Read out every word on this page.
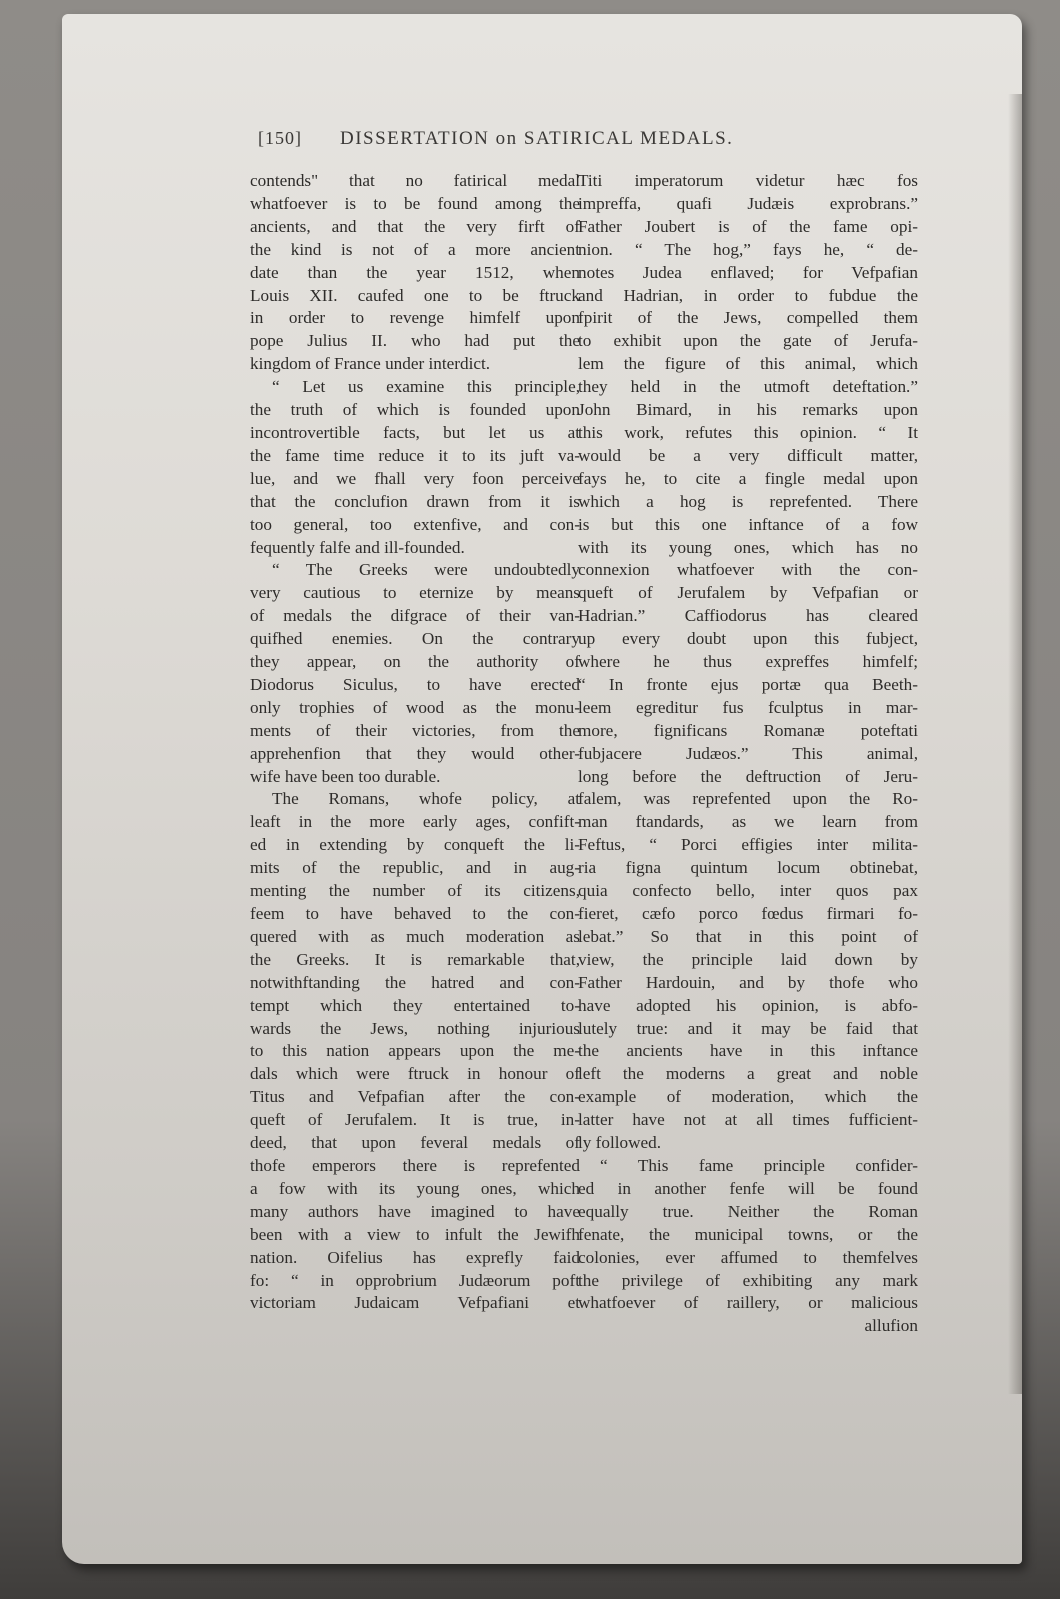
[150] DISSERTATION on SATIRICAL MEDALS.
contends" that no fatirical medal
whatfoever is to be found among the
ancients, and that the very firft of
the kind is not of a more ancient
date than the year 1512, when
Louis XII. caufed one to be ftruck
in order to revenge himfelf upon
pope Julius II. who had put the
kingdom of France under interdict.
“ Let us examine this principle,
the truth of which is founded upon
incontrovertible facts, but let us at
the fame time reduce it to its juft va-
lue, and we fhall very foon perceive
that the conclufion drawn from it is
too general, too extenfive, and con-
fequently falfe and ill-founded.
“ The Greeks were undoubtedly
very cautious to eternize by means
of medals the difgrace of their van-
quifhed enemies. On the contrary
they appear, on the authority of
Diodorus Siculus, to have erected
only trophies of wood as the monu-
ments of their victories, from the
apprehenfion that they would other-
wife have been too durable.
The Romans, whofe policy, at
leaft in the more early ages, confift-
ed in extending by conqueft the li-
mits of the republic, and in aug-
menting the number of its citizens,
feem to have behaved to the con-
quered with as much moderation as
the Greeks. It is remarkable that,
notwithftanding the hatred and con-
tempt which they entertained to-
wards the Jews, nothing injurious
to this nation appears upon the me-
dals which were ftruck in honour of
Titus and Vefpafian after the con-
queft of Jerufalem. It is true, in-
deed, that upon feveral medals of
thofe emperors there is reprefented
a fow with its young ones, which
many authors have imagined to have
been with a view to infult the Jewifh
nation. Oifelius has exprefly faid
fo: “ in opprobrium Judæorum poft
victoriam Judaicam Vefpafiani et
Titi imperatorum videtur hæc fos
impreffa, quafi Judæis exprobrans.”
Father Joubert is of the fame opi-
nion. “ The hog,” fays he, “ de-
notes Judea enflaved; for Vefpafian
and Hadrian, in order to fubdue the
fpirit of the Jews, compelled them
to exhibit upon the gate of Jerufa-
lem the figure of this animal, which
they held in the utmoft deteftation.”
John Bimard, in his remarks upon
this work, refutes this opinion. “ It
would be a very difficult matter,
fays he, to cite a fingle medal upon
which a hog is reprefented. There
is but this one inftance of a fow
with its young ones, which has no
connexion whatfoever with the con-
queft of Jerufalem by Vefpafian or
Hadrian.” Caffiodorus has cleared
up every doubt upon this fubject,
where he thus expreffes himfelf;
“ In fronte ejus portæ qua Beeth-
leem egreditur fus fculptus in mar-
more, fignificans Romanæ poteftati
fubjacere Judæos.” This animal,
long before the deftruction of Jeru-
falem, was reprefented upon the Ro-
man ftandards, as we learn from
Feftus, “ Porci effigies inter milita-
ria figna quintum locum obtinebat,
quia confecto bello, inter quos pax
fieret, cæfo porco fœdus firmari fo-
lebat.” So that in this point of
view, the principle laid down by
Father Hardouin, and by thofe who
have adopted his opinion, is abfo-
lutely true: and it may be faid that
the ancients have in this inftance
left the moderns a great and noble
example of moderation, which the
latter have not at all times fufficient-
ly followed.
“ This fame principle confider-
ed in another fenfe will be found
equally true. Neither the Roman
fenate, the municipal towns, or the
colonies, ever affumed to themfelves
the privilege of exhibiting any mark
whatfoever of raillery, or malicious
allufion
